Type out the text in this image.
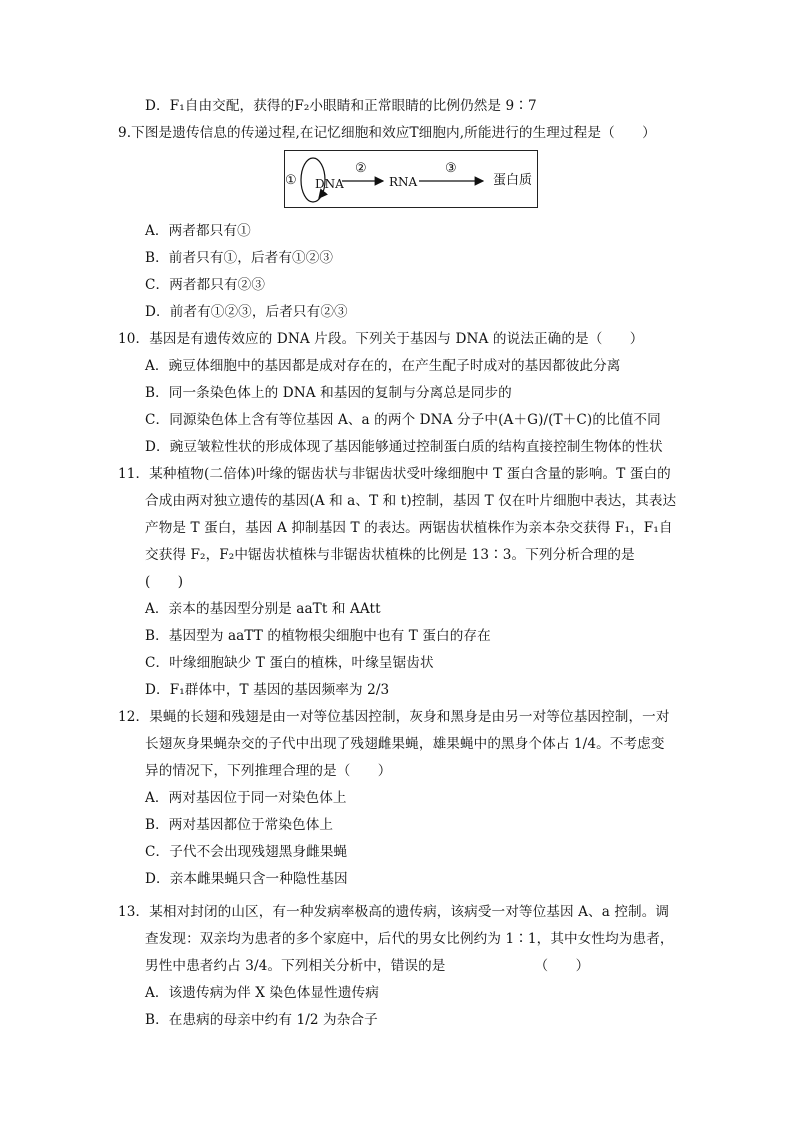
D．F₁自由交配，获得的F₂小眼睛和正常眼睛的比例仍然是 9∶7
9.下图是遗传信息的传递过程,在记忆细胞和效应T细胞内,所能进行的生理过程是（　　）
① DNA
②
RNA
③
蛋白质
A．两者都只有①
B．前者只有①，后者有①②③
C．两者都只有②③
D．前者有①②③，后者只有②③
10．基因是有遗传效应的 DNA 片段。下列关于基因与 DNA 的说法正确的是（　　）
A．豌豆体细胞中的基因都是成对存在的，在产生配子时成对的基因都彼此分离
B．同一条染色体上的 DNA 和基因的复制与分离总是同步的
C．同源染色体上含有等位基因 A、a 的两个 DNA 分子中(A＋G)/(T＋C)的比值不同
D．豌豆皱粒性状的形成体现了基因能够通过控制蛋白质的结构直接控制生物体的性状
11．某种植物(二倍体)叶缘的锯齿状与非锯齿状受叶缘细胞中 T 蛋白含量的影响。T 蛋白的
合成由两对独立遗传的基因(A 和 a、T 和 t)控制，基因 T 仅在叶片细胞中表达，其表达
产物是 T 蛋白，基因 A 抑制基因 T 的表达。两锯齿状植株作为亲本杂交获得 F₁，F₁自
交获得 F₂，F₂中锯齿状植株与非锯齿状植株的比例是 13∶3。下列分析合理的是
(　　)
A．亲本的基因型分别是 aaTt 和 AAtt
B．基因型为 aaTT 的植物根尖细胞中也有 T 蛋白的存在
C．叶缘细胞缺少 T 蛋白的植株，叶缘呈锯齿状
D．F₁群体中，T 基因的基因频率为 2/3
12．果蝇的长翅和残翅是由一对等位基因控制，灰身和黑身是由另一对等位基因控制，一对
长翅灰身果蝇杂交的子代中出现了残翅雌果蝇，雄果蝇中的黑身个体占 1/4。不考虑变
异的情况下，下列推理合理的是（　　）
A．两对基因位于同一对染色体上
B．两对基因都位于常染色体上
C．子代不会出现残翅黑身雌果蝇
D．亲本雌果蝇只含一种隐性基因
13．某相对封闭的山区，有一种发病率极高的遗传病，该病受一对等位基因 A、a 控制。调
查发现：双亲均为患者的多个家庭中，后代的男女比例约为 1∶1，其中女性均为患者，
男性中患者约占 3/4。下列相关分析中，错误的是　　　　　　　（　　）
A．该遗传病为伴 X 染色体显性遗传病
B．在患病的母亲中约有 1/2 为杂合子
